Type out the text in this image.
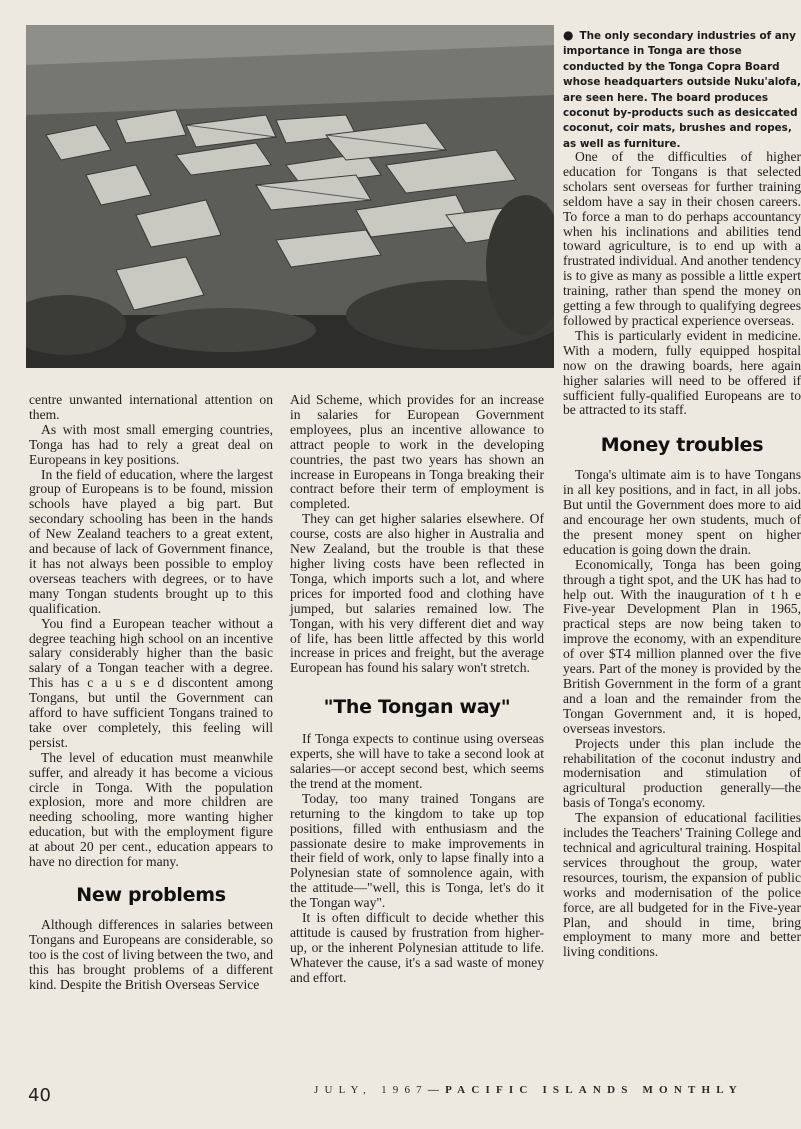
● The only secondary industries of any importance in Tonga are those conducted by the Tonga Copra Board whose headquarters outside Nuku'alofa, are seen here. The board produces coconut by-products such as desiccated coconut, coir mats, brushes and ropes, as well as furniture.

centre unwanted international attention on them.

As with most small emerging countries, Tonga has had to rely a great deal on Europeans in key positions.

In the field of education, where the largest group of Europeans is to be found, mission schools have played a big part. But secondary schooling has been in the hands of New Zealand teachers to a great extent, and because of lack of Government finance, it has not always been possible to employ overseas teachers with degrees, or to have many Tongan students brought up to this qualification.

You find a European teacher without a degree teaching high school on an incentive salary considerably higher than the basic salary of a Tongan teacher with a degree. This has c a u s e d discontent among Tongans, but until the Government can afford to have sufficient Tongans trained to take over completely, this feeling will persist.

The level of education must meanwhile suffer, and already it has become a vicious circle in Tonga. With the population explosion, more and more children are needing schooling, more wanting higher education, but with the employment figure at about 20 per cent., education appears to have no direction for many.

New problems

Although differences in salaries between Tongans and Europeans are considerable, so too is the cost of living between the two, and this has brought problems of a different kind. Despite the British Overseas Service

Aid Scheme, which provides for an increase in salaries for European Government employees, plus an incentive allowance to attract people to work in the developing countries, the past two years has shown an increase in Europeans in Tonga breaking their contract before their term of employment is completed.

They can get higher salaries elsewhere. Of course, costs are also higher in Australia and New Zealand, but the trouble is that these higher living costs have been reflected in Tonga, which imports such a lot, and where prices for imported food and clothing have jumped, but salaries remained low. The Tongan, with his very different diet and way of life, has been little affected by this world increase in prices and freight, but the average European has found his salary won't stretch.

"The Tongan way"

If Tonga expects to continue using overseas experts, she will have to take a second look at salaries—or accept second best, which seems the trend at the moment.

Today, too many trained Tongans are returning to the kingdom to take up top positions, filled with enthusiasm and the passionate desire to make improvements in their field of work, only to lapse finally into a Polynesian state of somnolence again, with the attitude—"well, this is Tonga, let's do it the Tongan way".

It is often difficult to decide whether this attitude is caused by frustration from higher-up, or the inherent Polynesian attitude to life. Whatever the cause, it's a sad waste of money and effort.

One of the difficulties of higher education for Tongans is that selected scholars sent overseas for further training seldom have a say in their chosen careers. To force a man to do perhaps accountancy when his inclinations and abilities tend toward agriculture, is to end up with a frustrated individual. And another tendency is to give as many as possible a little expert training, rather than spend the money on getting a few through to qualifying degrees followed by practical experience overseas.

This is particularly evident in medicine. With a modern, fully equipped hospital now on the drawing boards, here again higher salaries will need to be offered if sufficient fully-qualified Europeans are to be attracted to its staff.

Money troubles

Tonga's ultimate aim is to have Tongans in all key positions, and in fact, in all jobs. But until the Government does more to aid and encourage her own students, much of the present money spent on higher education is going down the drain.

Economically, Tonga has been going through a tight spot, and the UK has had to help out. With the inauguration of t h e Five-year Development Plan in 1965, practical steps are now being taken to improve the economy, with an expenditure of over $T4 million planned over the five years. Part of the money is provided by the British Government in the form of a grant and a loan and the remainder from the Tongan Government and, it is hoped, overseas investors.

Projects under this plan include the rehabilitation of the coconut industry and modernisation and stimulation of agricultural production generally—the basis of Tonga's economy.

The expansion of educational facilities includes the Teachers' Training College and technical and agricultural training. Hospital services throughout the group, water resources, tourism, the expansion of public works and modernisation of the police force, are all budgeted for in the Five-year Plan, and should in time, bring employment to many more and better living conditions.

40	JULY, 1967—PACIFIC ISLANDS MONTHLY
